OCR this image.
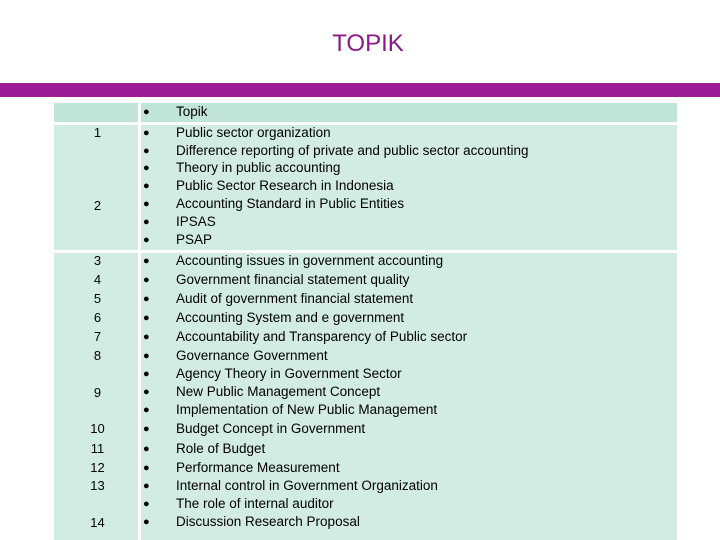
TOPIK
● Topik
● Public sector organization
● Difference reporting of private and public sector accounting
● Theory in public accounting
● Public Sector Research in Indonesia
● Accounting Standard in Public Entities
● IPSAS
● PSAP
● Accounting issues in government accounting
● Government financial statement quality
● Audit of government financial statement
● Accounting System and e government
● Accountability and Transparency of Public sector
● Governance Government
● Agency Theory in Government Sector
● New Public Management Concept
● Implementation of New Public Management
● Budget Concept in Government
● Role of Budget
● Performance Measurement
● Internal control in Government Organization
● The role of internal auditor
● Discussion Research Proposal
1
2
3
4
5
6
7
8
9
10
11
12
13
14
